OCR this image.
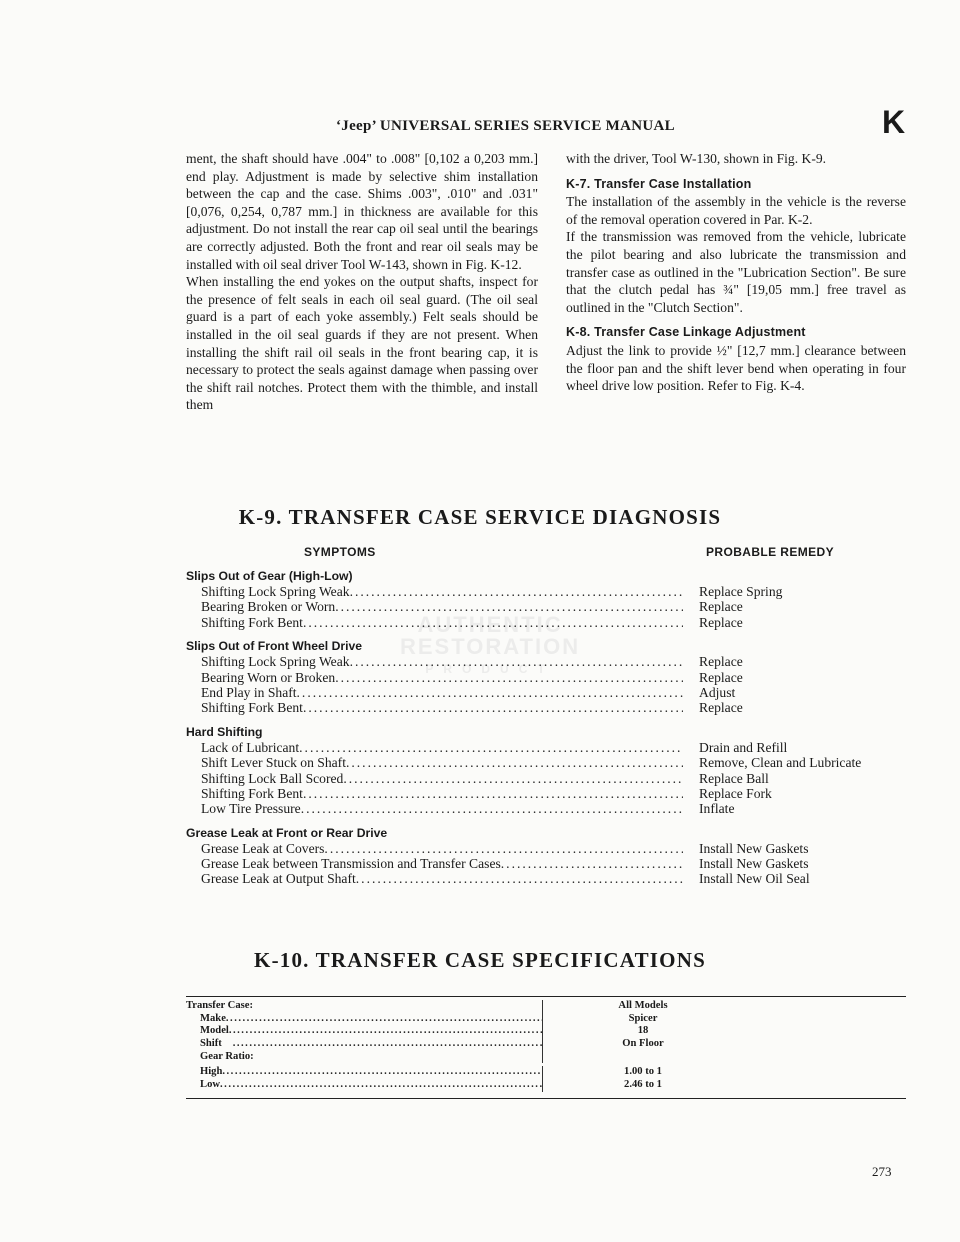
‘Jeep’ UNIVERSAL SERIES SERVICE MANUAL	K

ment, the shaft should have .004" to .008" [0,102 a 0,203 mm.] end play. Adjustment is made by selective shim installation between the cap and the case. Shims .003", .010" and .031" [0,076, 0,254, 0,787 mm.] in thickness are available for this adjustment. Do not install the rear cap oil seal until the bearings are correctly adjusted. Both the front and rear oil seals may be installed with oil seal driver Tool W-143, shown in Fig. K-12.

When installing the end yokes on the output shafts, inspect for the presence of felt seals in each oil seal guard. (The oil seal guard is a part of each yoke assembly.) Felt seals should be installed in the oil seal guards if they are not present. When installing the shift rail oil seals in the front bearing cap, it is necessary to protect the seals against damage when passing over the shift rail notches. Protect them with the thimble, and install them

with the driver, Tool W-130, shown in Fig. K-9.

K-7. Transfer Case Installation

The installation of the assembly in the vehicle is the reverse of the removal operation covered in Par. K-2.

If the transmission was removed from the vehicle, lubricate the pilot bearing and also lubricate the transmission and transfer case as outlined in the "Lubrication Section". Be sure that the clutch pedal has ¾" [19,05 mm.] free travel as outlined in the "Clutch Section".

K-8. Transfer Case Linkage Adjustment

Adjust the link to provide ½" [12,7 mm.] clearance between the floor pan and the shift lever bend when operating in four wheel drive low position. Refer to Fig. K-4.

K-9. TRANSFER CASE SERVICE DIAGNOSIS
SYMPTOMS	PROBABLE REMEDY
AUTHENTIC
RESTORATION
PRODUCT
Slips Out of Gear (High-Low)
Shifting Lock Spring Weak .....	Replace Spring
Bearing Broken or Worn .....	Replace
Shifting Fork Bent .....	Replace
Slips Out of Front Wheel Drive
Shifting Lock Spring Weak .....	Replace
Bearing Worn or Broken .....	Replace
End Play in Shaft .....	Adjust
Shifting Fork Bent .....	Replace
Hard Shifting
Lack of Lubricant .....	Drain and Refill
Shift Lever Stuck on Shaft .....	Remove, Clean and Lubricate
Shifting Lock Ball Scored .....	Replace Ball
Shifting Fork Bent .....	Replace Fork
Low Tire Pressure .....	Inflate
Grease Leak at Front or Rear Drive
Grease Leak at Covers .....	Install New Gaskets
Grease Leak between Transmission and Transfer Cases .....	Install New Gaskets
Grease Leak at Output Shaft .....	Install New Oil Seal
K-10. TRANSFER CASE SPECIFICATIONS
Transfer Case:	All Models
Make .....	Spicer
Model .....	18
Shift .....	On Floor
Gear Ratio:
High .....	1.00 to 1
Low .....	2.46 to 1
273
